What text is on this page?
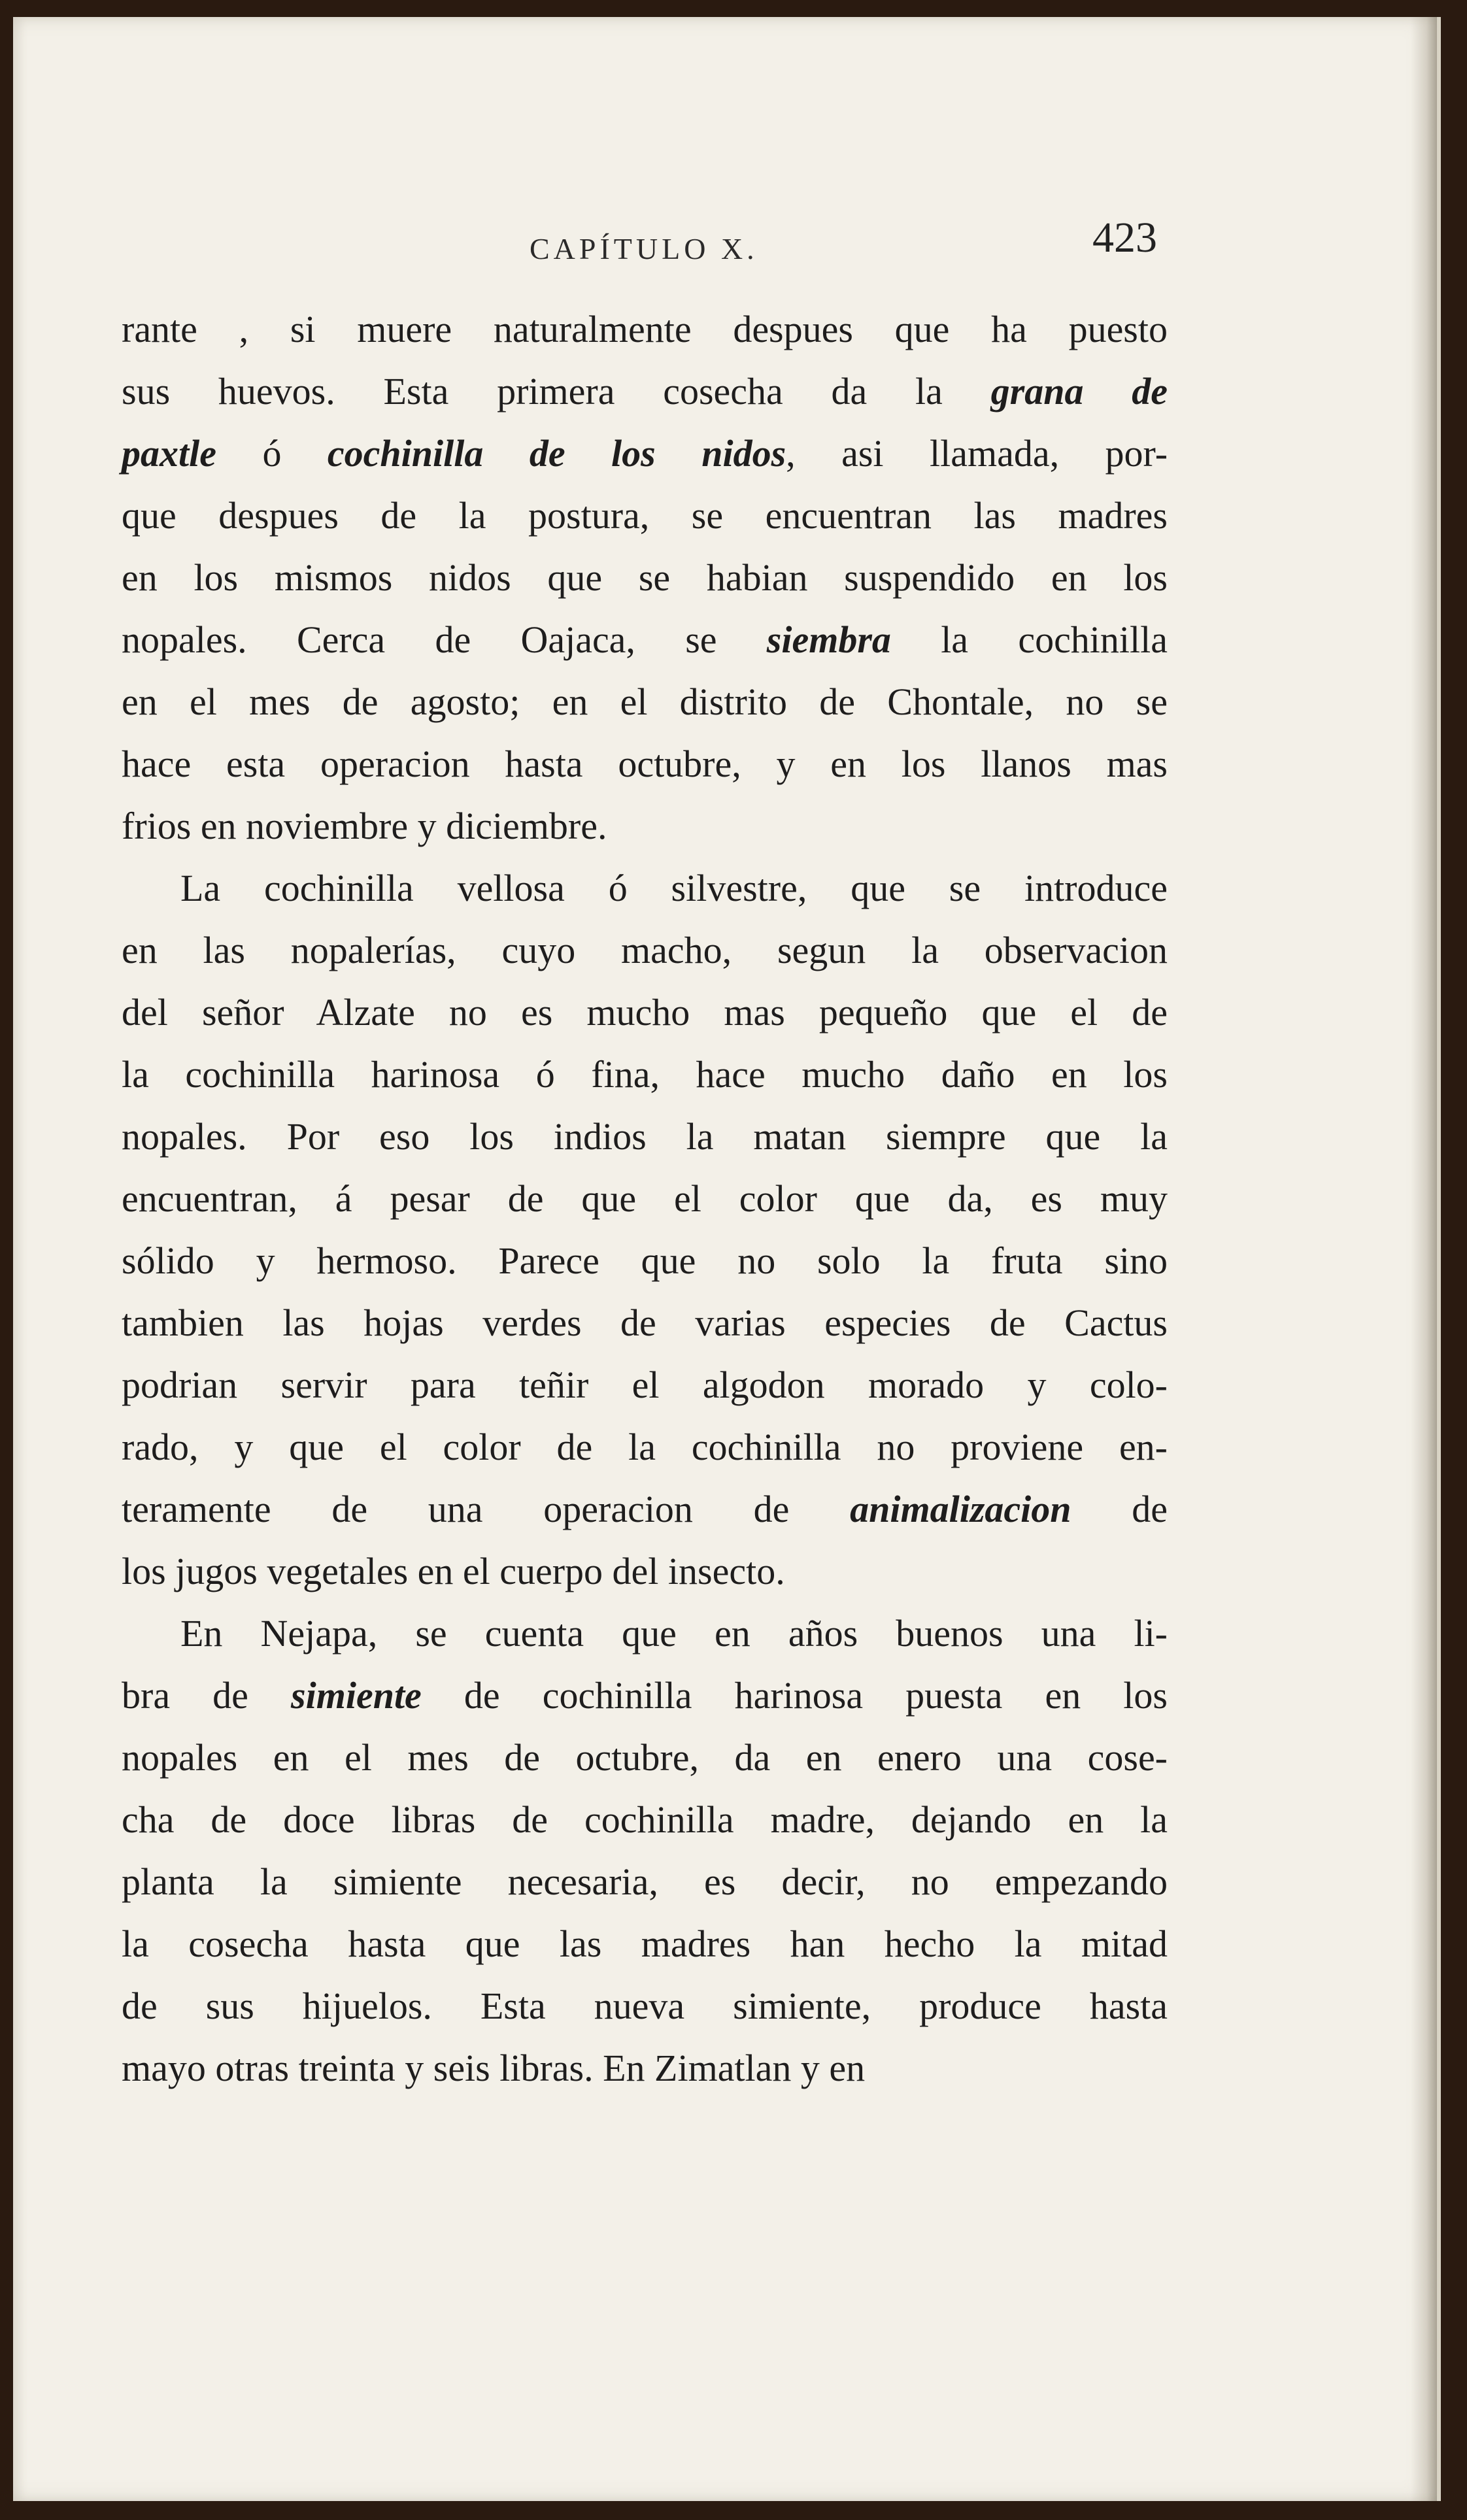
CAPÍTULO X.	423
rante , si muere naturalmente despues que ha puesto
sus huevos. Esta primera cosecha da la grana de
paxtle ó cochinilla de los nidos, asi llamada, por-
que despues de la postura, se encuentran las madres
en los mismos nidos que se habian suspendido en los
nopales. Cerca de Oajaca, se siembra la cochinilla
en el mes de agosto; en el distrito de Chontale, no se
hace esta operacion hasta octubre, y en los llanos mas
frios en noviembre y diciembre.
La cochinilla vellosa ó silvestre, que se introduce
en las nopalerías, cuyo macho, segun la observacion
del señor Alzate no es mucho mas pequeño que el de
la cochinilla harinosa ó fina, hace mucho daño en los
nopales. Por eso los indios la matan siempre que la
encuentran, á pesar de que el color que da, es muy
sólido y hermoso. Parece que no solo la fruta sino
tambien las hojas verdes de varias especies de Cactus
podrian servir para teñir el algodon morado y colo-
rado, y que el color de la cochinilla no proviene en-
teramente de una operacion de animalizacion de
los jugos vegetales en el cuerpo del insecto.
En Nejapa, se cuenta que en años buenos una li-
bra de simiente de cochinilla harinosa puesta en los
nopales en el mes de octubre, da en enero una cose-
cha de doce libras de cochinilla madre, dejando en la
planta la simiente necesaria, es decir, no empezando
la cosecha hasta que las madres han hecho la mitad
de sus hijuelos. Esta nueva simiente, produce hasta
mayo otras treinta y seis libras. En Zimatlan y en
